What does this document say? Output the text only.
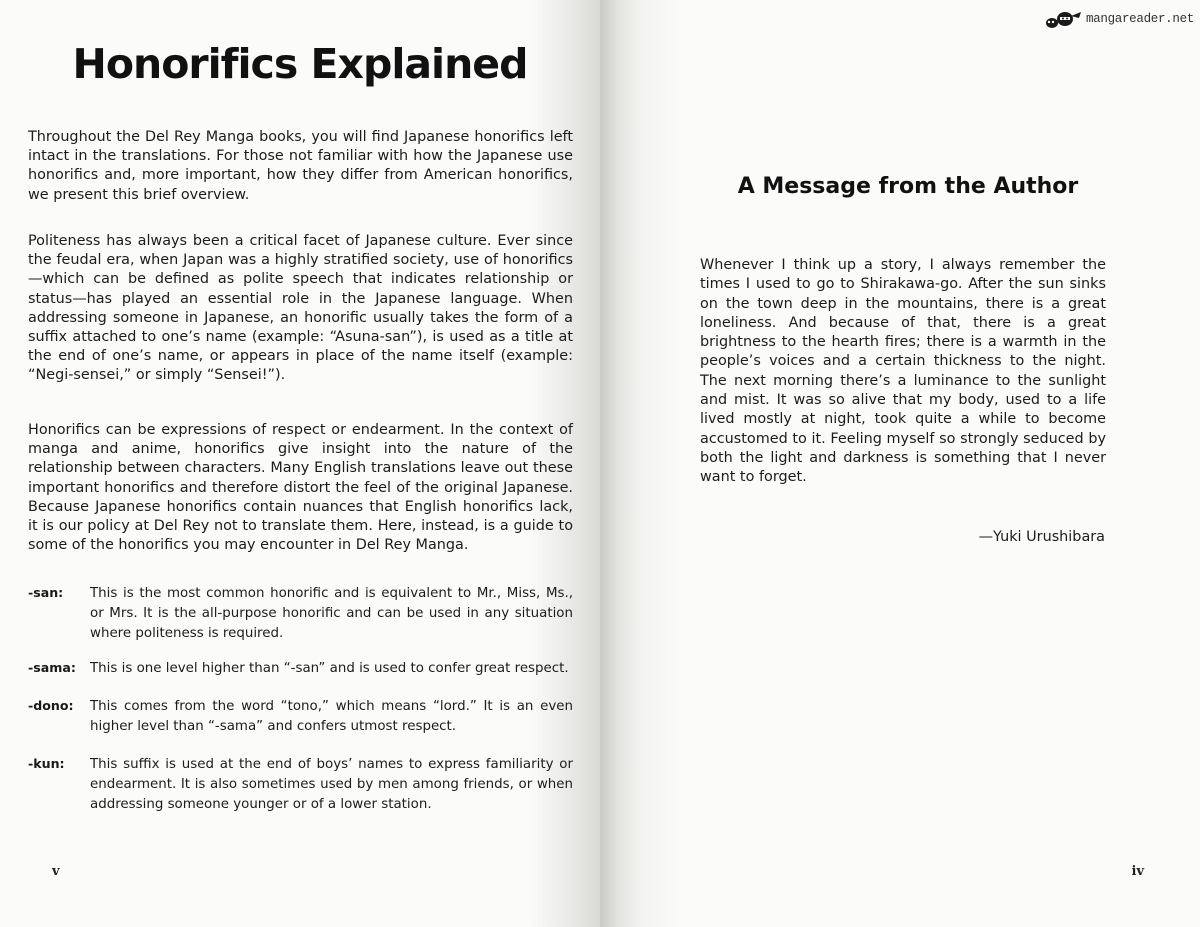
Honorifics Explained

Throughout the Del Rey Manga books, you will find Japanese honorifics left intact in the translations. For those not familiar with how the Japanese use honorifics and, more important, how they differ from American honorifics, we present this brief overview.

Politeness has always been a critical facet of Japanese culture. Ever since the feudal era, when Japan was a highly stratified society, use of honorifics—which can be defined as polite speech that indicates relationship or status—has played an essential role in the Japanese language. When addressing someone in Japanese, an honorific usually takes the form of a suffix attached to one’s name (example: “Asuna-san”), is used as a title at the end of one’s name, or appears in place of the name itself (example: “Negi-sensei,” or simply “Sensei!”).

Honorifics can be expressions of respect or endearment. In the context of manga and anime, honorifics give insight into the nature of the relationship between characters. Many English translations leave out these important honorifics and therefore distort the feel of the original Japanese. Because Japanese honorifics contain nuances that English honorifics lack, it is our policy at Del Rey not to translate them. Here, instead, is a guide to some of the honorifics you may encounter in Del Rey Manga.

-san: This is the most common honorific and is equivalent to Mr., Miss, Ms., or Mrs. It is the all-purpose honorific and can be used in any situation where politeness is required.

-sama: This is one level higher than “-san” and is used to confer great respect.

-dono: This comes from the word “tono,” which means “lord.” It is an even higher level than “-sama” and confers utmost respect.

-kun: This suffix is used at the end of boys’ names to express familiarity or endearment. It is also sometimes used by men among friends, or when addressing someone younger or of a lower station.

v
mangareader.net
A Message from the Author

Whenever I think up a story, I always remember the times I used to go to Shirakawa-go. After the sun sinks on the town deep in the mountains, there is a great loneliness. And because of that, there is a great brightness to the hearth fires; there is a warmth in the people’s voices and a certain thickness to the night. The next morning there’s a luminance to the sunlight and mist. It was so alive that my body, used to a life lived mostly at night, took quite a while to become accustomed to it. Feeling myself so strongly seduced by both the light and darkness is something that I never want to forget.

—Yuki Urushibara
iv
